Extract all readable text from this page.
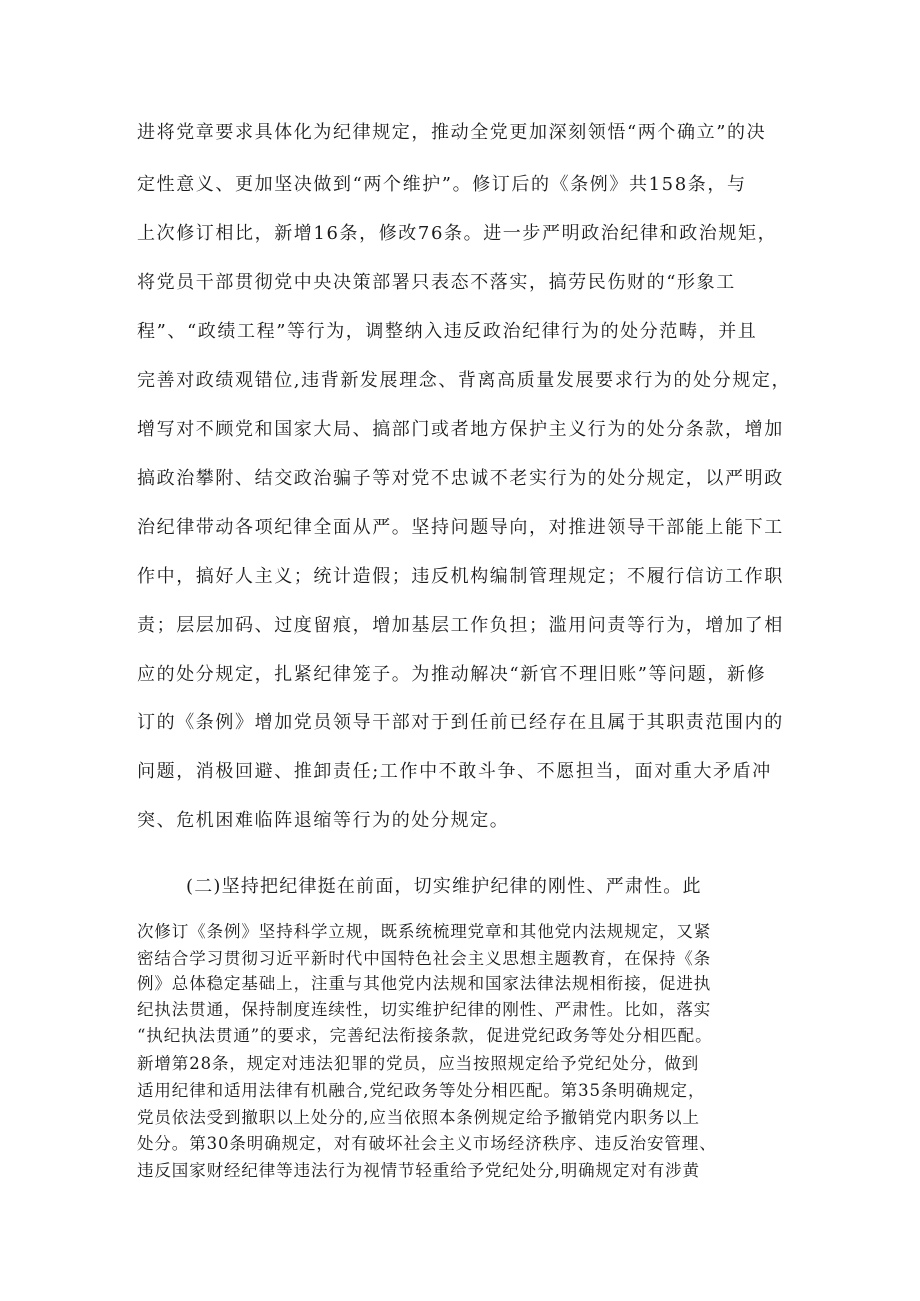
进将党章要求具体化为纪律规定，推动全党更加深刻领悟“两个确立”的决
定性意义、更加坚决做到“两个维护”。修订后的《条例》共158条，与
上次修订相比，新增16条，修改76条。进一步严明政治纪律和政治规矩，
将党员干部贯彻党中央决策部署只表态不落实，搞劳民伤财的“形象工
程”、“政绩工程”等行为，调整纳入违反政治纪律行为的处分范畴，并且
完善对政绩观错位,违背新发展理念、背离高质量发展要求行为的处分规定，
增写对不顾党和国家大局、搞部门或者地方保护主义行为的处分条款，增加
搞政治攀附、结交政治骗子等对党不忠诚不老实行为的处分规定，以严明政
治纪律带动各项纪律全面从严。坚持问题导向，对推进领导干部能上能下工
作中，搞好人主义；统计造假；违反机构编制管理规定；不履行信访工作职
责；层层加码、过度留痕，增加基层工作负担；滥用问责等行为，增加了相
应的处分规定，扎紧纪律笼子。为推动解决“新官不理旧账”等问题，新修
订的《条例》增加党员领导干部对于到任前已经存在且属于其职责范围内的
问题，消极回避、推卸责任;工作中不敢斗争、不愿担当，面对重大矛盾冲
突、危机困难临阵退缩等行为的处分规定。
(二)坚持把纪律挺在前面，切实维护纪律的刚性、严肃性。此
次修订《条例》坚持科学立规，既系统梳理党章和其他党内法规规定，又紧
密结合学习贯彻习近平新时代中国特色社会主义思想主题教育，在保持《条
例》总体稳定基础上，注重与其他党内法规和国家法律法规相衔接，促进执
纪执法贯通，保持制度连续性，切实维护纪律的刚性、严肃性。比如，落实
“执纪执法贯通”的要求，完善纪法衔接条款，促进党纪政务等处分相匹配。
新增第28条，规定对违法犯罪的党员，应当按照规定给予党纪处分，做到
适用纪律和适用法律有机融合,党纪政务等处分相匹配。第35条明确规定，
党员依法受到撤职以上处分的,应当依照本条例规定给予撤销党内职务以上
处分。第30条明确规定，对有破坏社会主义市场经济秩序、违反治安管理、
违反国家财经纪律等违法行为视情节轻重给予党纪处分,明确规定对有涉黄
